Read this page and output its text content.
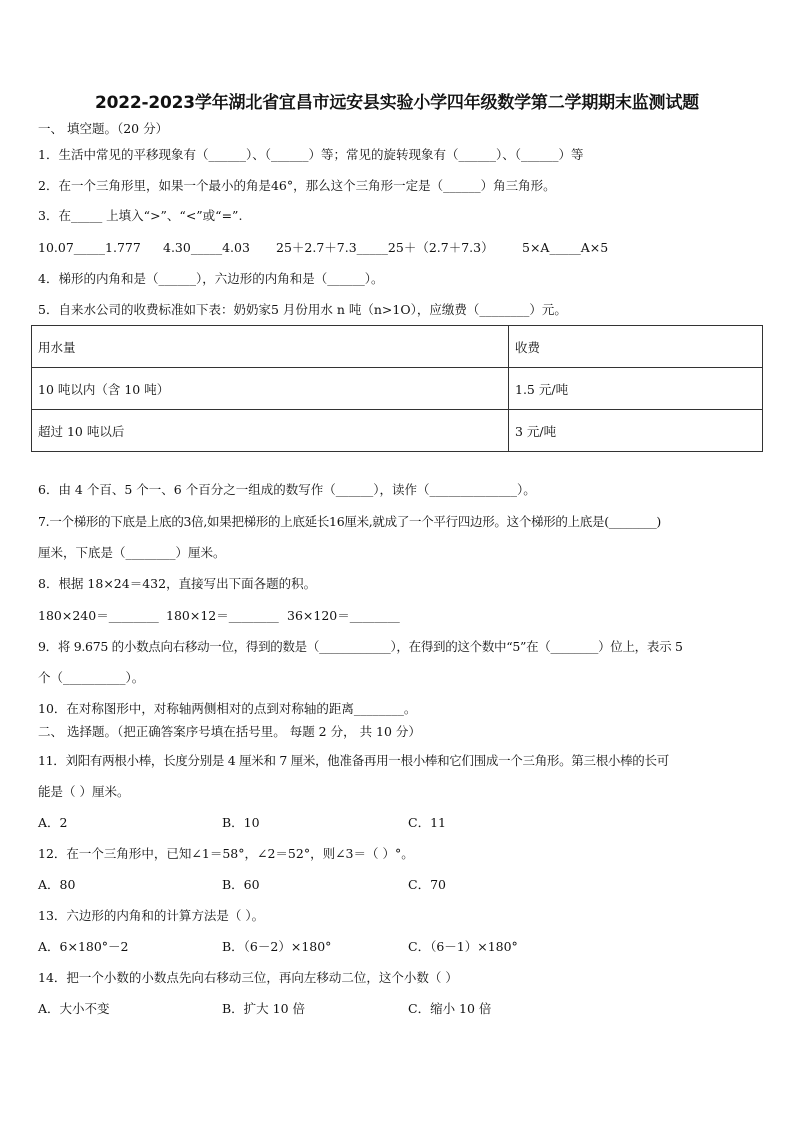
2022-2023学年湖北省宜昌市远安县实验小学四年级数学第二学期期末监测试题
一、 填空题。（20 分）
1．生活中常见的平移现象有（______）、（______）等；常见的旋转现象有（______）、（______）等
2．在一个三角形里，如果一个最小的角是46°，那么这个三角形一定是（______）角三角形。
3．在_____ 上填入“>”、“<”或“=”.
10.07_____1.777 4.30_____4.03 25＋2.7＋7.3_____25＋（2.7＋7.3） 5×A_____A×5
4．梯形的内角和是（______），六边形的内角和是（______）。
5．自来水公司的收费标准如下表：奶奶家5 月份用水 n 吨（n>1O），应缴费（________）元。
用水量	收费
10 吨以内（含 10 吨）	1.5 元/吨
超过 10 吨以后	3 元/吨
6．由 4 个百、5 个一、6 个百分之一组成的数写作（______），读作（______________）。
7.一个梯形的下底是上底的3倍,如果把梯形的上底延长16厘米,就成了一个平行四边形。这个梯形的上底是(________)
厘米，下底是（________）厘米。
8．根据 18×24＝432，直接写出下面各题的积。
180×240＝________ 180×12＝________ 36×120＝________
9．将 9.675 的小数点向右移动一位，得到的数是（____________），在得到的这个数中“5”在（________）位上，表示 5
个（__________）。
10．在对称图形中，对称轴两侧相对的点到对称轴的距离________。
二、 选择题。（把正确答案序号填在括号里。 每题 2 分， 共 10 分）
11．刘阳有两根小棒，长度分别是 4 厘米和 7 厘米，他准备再用一根小棒和它们围成一个三角形。第三根小棒的长可
能是（ ）厘米。
A．2	B．10	C．11
12．在一个三角形中，已知∠1＝58°，∠2＝52°，则∠3＝（ ）°。
A．80	B．60	C．70
13．六边形的内角和的计算方法是（ ）。
A．6×180°－2	B．（6－2）×180°	C．（6－1）×180°
14．把一个小数的小数点先向右移动三位，再向左移动二位，这个小数（ ）
A．大小不变	B．扩大 10 倍	C．缩小 10 倍
